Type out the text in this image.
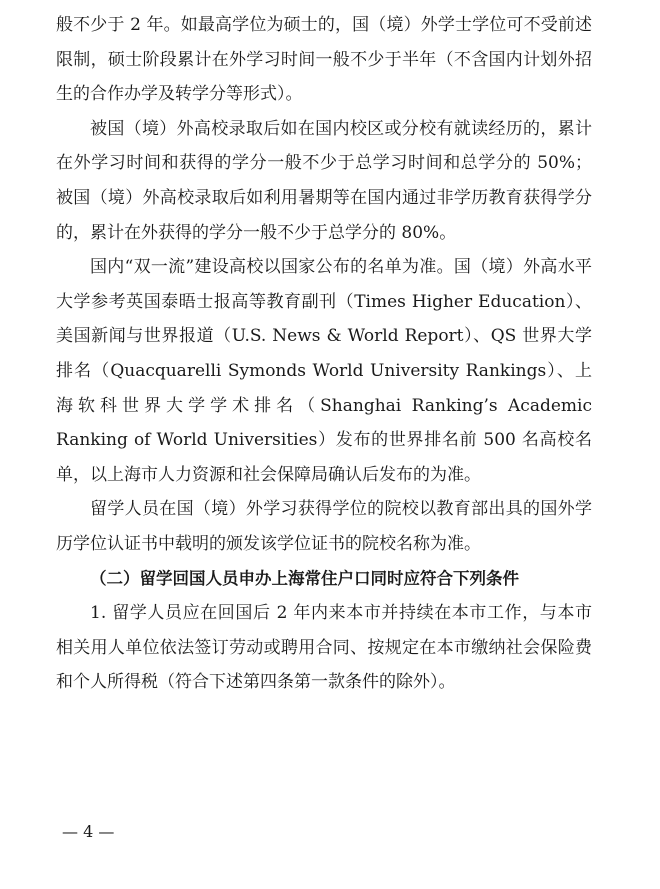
般不少于 2 年。如最高学位为硕士的，国（境）外学士学位可不受前述限制，硕士阶段累计在外学习时间一般不少于半年（不含国内计划外招生的合作办学及转学分等形式）。

被国（境）外高校录取后如在国内校区或分校有就读经历的，累计在外学习时间和获得的学分一般不少于总学习时间和总学分的 50%；被国（境）外高校录取后如利用暑期等在国内通过非学历教育获得学分的，累计在外获得的学分一般不少于总学分的 80%。

国内“双一流”建设高校以国家公布的名单为准。国（境）外高水平大学参考英国泰晤士报高等教育副刊（Times Higher Education）、美国新闻与世界报道（U.S. News & World Report）、QS 世界大学排名（Quacquarelli Symonds World University Rankings）、上海软科世界大学学术排名（Shanghai Ranking’s Academic Ranking of World Universities）发布的世界排名前 500 名高校名单，以上海市人力资源和社会保障局确认后发布的为准。

留学人员在国（境）外学习获得学位的院校以教育部出具的国外学历学位认证书中载明的颁发该学位证书的院校名称为准。

（二）留学回国人员申办上海常住户口同时应符合下列条件

1. 留学人员应在回国后 2 年内来本市并持续在本市工作，与本市相关用人单位依法签订劳动或聘用合同、按规定在本市缴纳社会保险费和个人所得税（符合下述第四条第一款条件的除外）。

— 4 —
